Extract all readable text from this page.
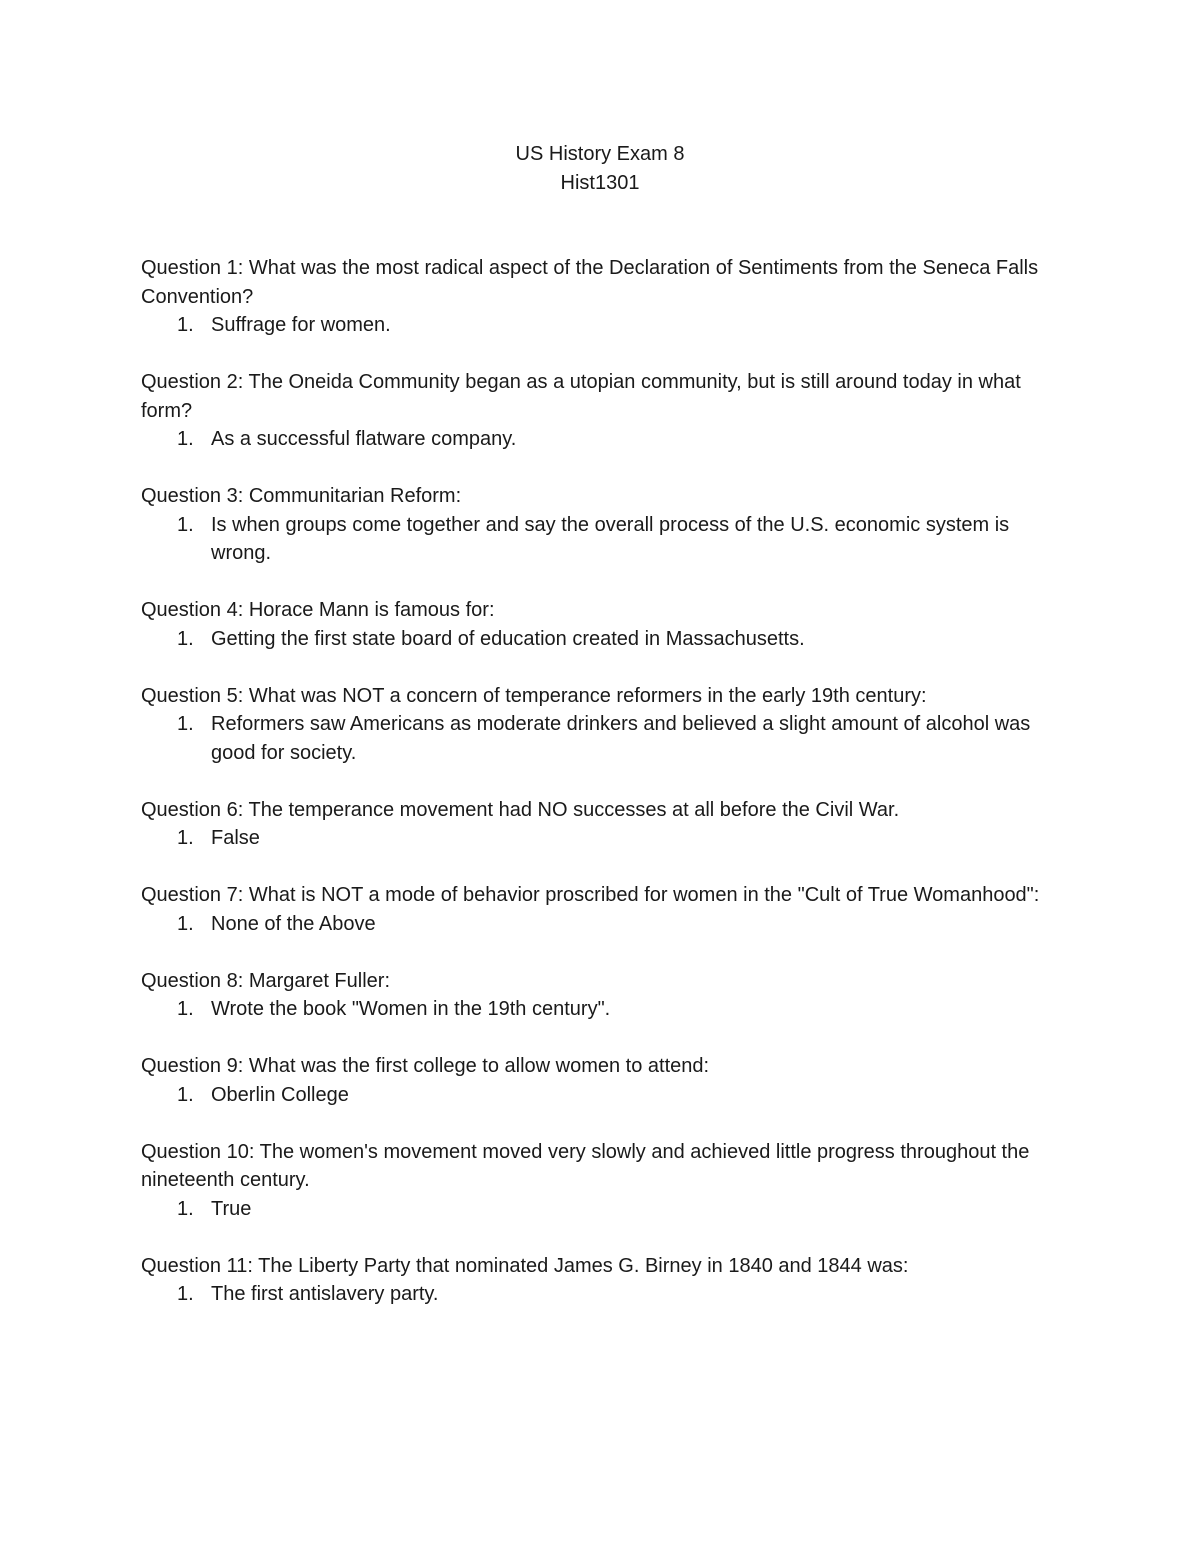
US History Exam 8
Hist1301

Question 1: What was the most radical aspect of the Declaration of Sentiments from the Seneca Falls Convention?

1. Suffrage for women.

Question 2: The Oneida Community began as a utopian community, but is still around today in what form?

1. As a successful flatware company.

Question 3: Communitarian Reform:

1. Is when groups come together and say the overall process of the U.S. economic system is wrong.

Question 4: Horace Mann is famous for:

1. Getting the first state board of education created in Massachusetts.

Question 5: What was NOT a concern of temperance reformers in the early 19th century:

1. Reformers saw Americans as moderate drinkers and believed a slight amount of alcohol was good for society.

Question 6: The temperance movement had NO successes at all before the Civil War.

1. False

Question 7: What is NOT a mode of behavior proscribed for women in the "Cult of True Womanhood":

1. None of the Above

Question 8: Margaret Fuller:

1. Wrote the book "Women in the 19th century".

Question 9: What was the first college to allow women to attend:

1. Oberlin College

Question 10: The women's movement moved very slowly and achieved little progress throughout the nineteenth century.

1. True

Question 11: The Liberty Party that nominated James G. Birney in 1840 and 1844 was:

1. The first antislavery party.
